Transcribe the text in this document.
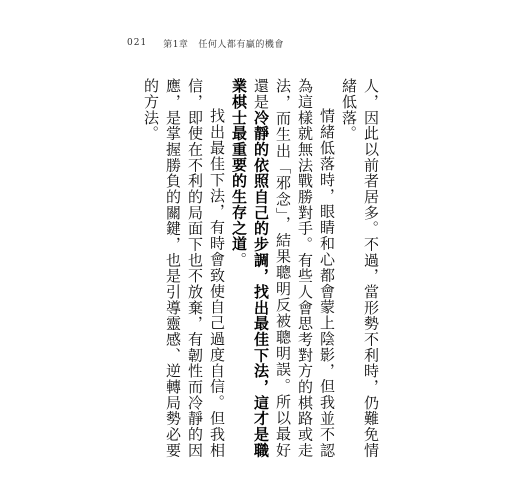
021 第1章 任何人都有贏的機會

人，因此以前者居多。不過，當形勢不利時，仍難免情緒低落。

情緒低落時，眼睛和心都會蒙上陰影，但我並不認為這樣就無法戰勝對手。有些人會思考對方的棋路或走法，而生出「邪念」，結果聰明反被聰明誤。所以最好還是冷靜的依照自己的步調，找出最佳下法，這才是職業棋士最重要的生存之道。

找出最佳下法，有時會致使自己過度自信。但我相信，即使在不利的局面下也不放棄，有韌性而冷靜的因應，是掌握勝負的關鍵，也是引導靈感、逆轉局勢必要的方法。
